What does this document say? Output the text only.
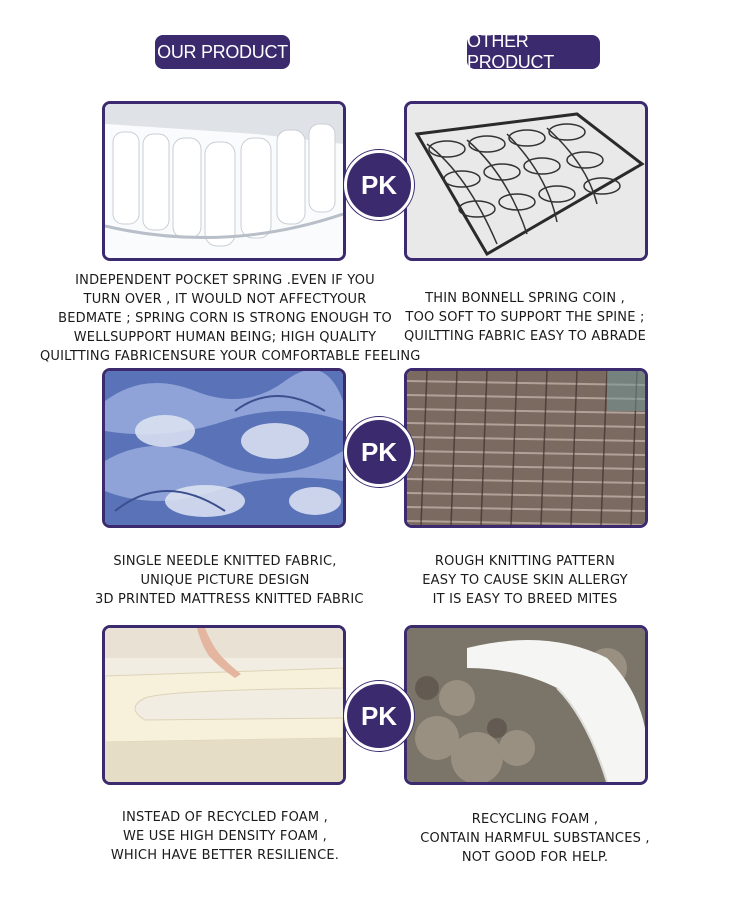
OUR PRODUCT
OTHER PRODUCT
PK
INDEPENDENT POCKET SPRING .EVEN IF YOU
TURN OVER , IT WOULD NOT AFFECTYOUR
BEDMATE ; SPRING CORN IS STRONG ENOUGH TO
WELLSUPPORT HUMAN BEING; HIGH QUALITY
QUILTTING FABRICENSURE YOUR COMFORTABLE FEELING
THIN BONNELL SPRING COIN ,
TOO SOFT TO SUPPORT THE SPINE ;
QUILTTING FABRIC EASY TO ABRADE
PK
SINGLE NEEDLE KNITTED FABRIC,
UNIQUE PICTURE DESIGN
3D PRINTED MATTRESS KNITTED FABRIC
ROUGH KNITTING PATTERN
EASY TO CAUSE SKIN ALLERGY
IT IS EASY TO BREED MITES
PK
INSTEAD OF RECYCLED FOAM ,
WE USE HIGH DENSITY FOAM ,
WHICH HAVE BETTER RESILIENCE.
RECYCLING FOAM ,
CONTAIN HARMFUL SUBSTANCES ,
NOT GOOD FOR HELP.
